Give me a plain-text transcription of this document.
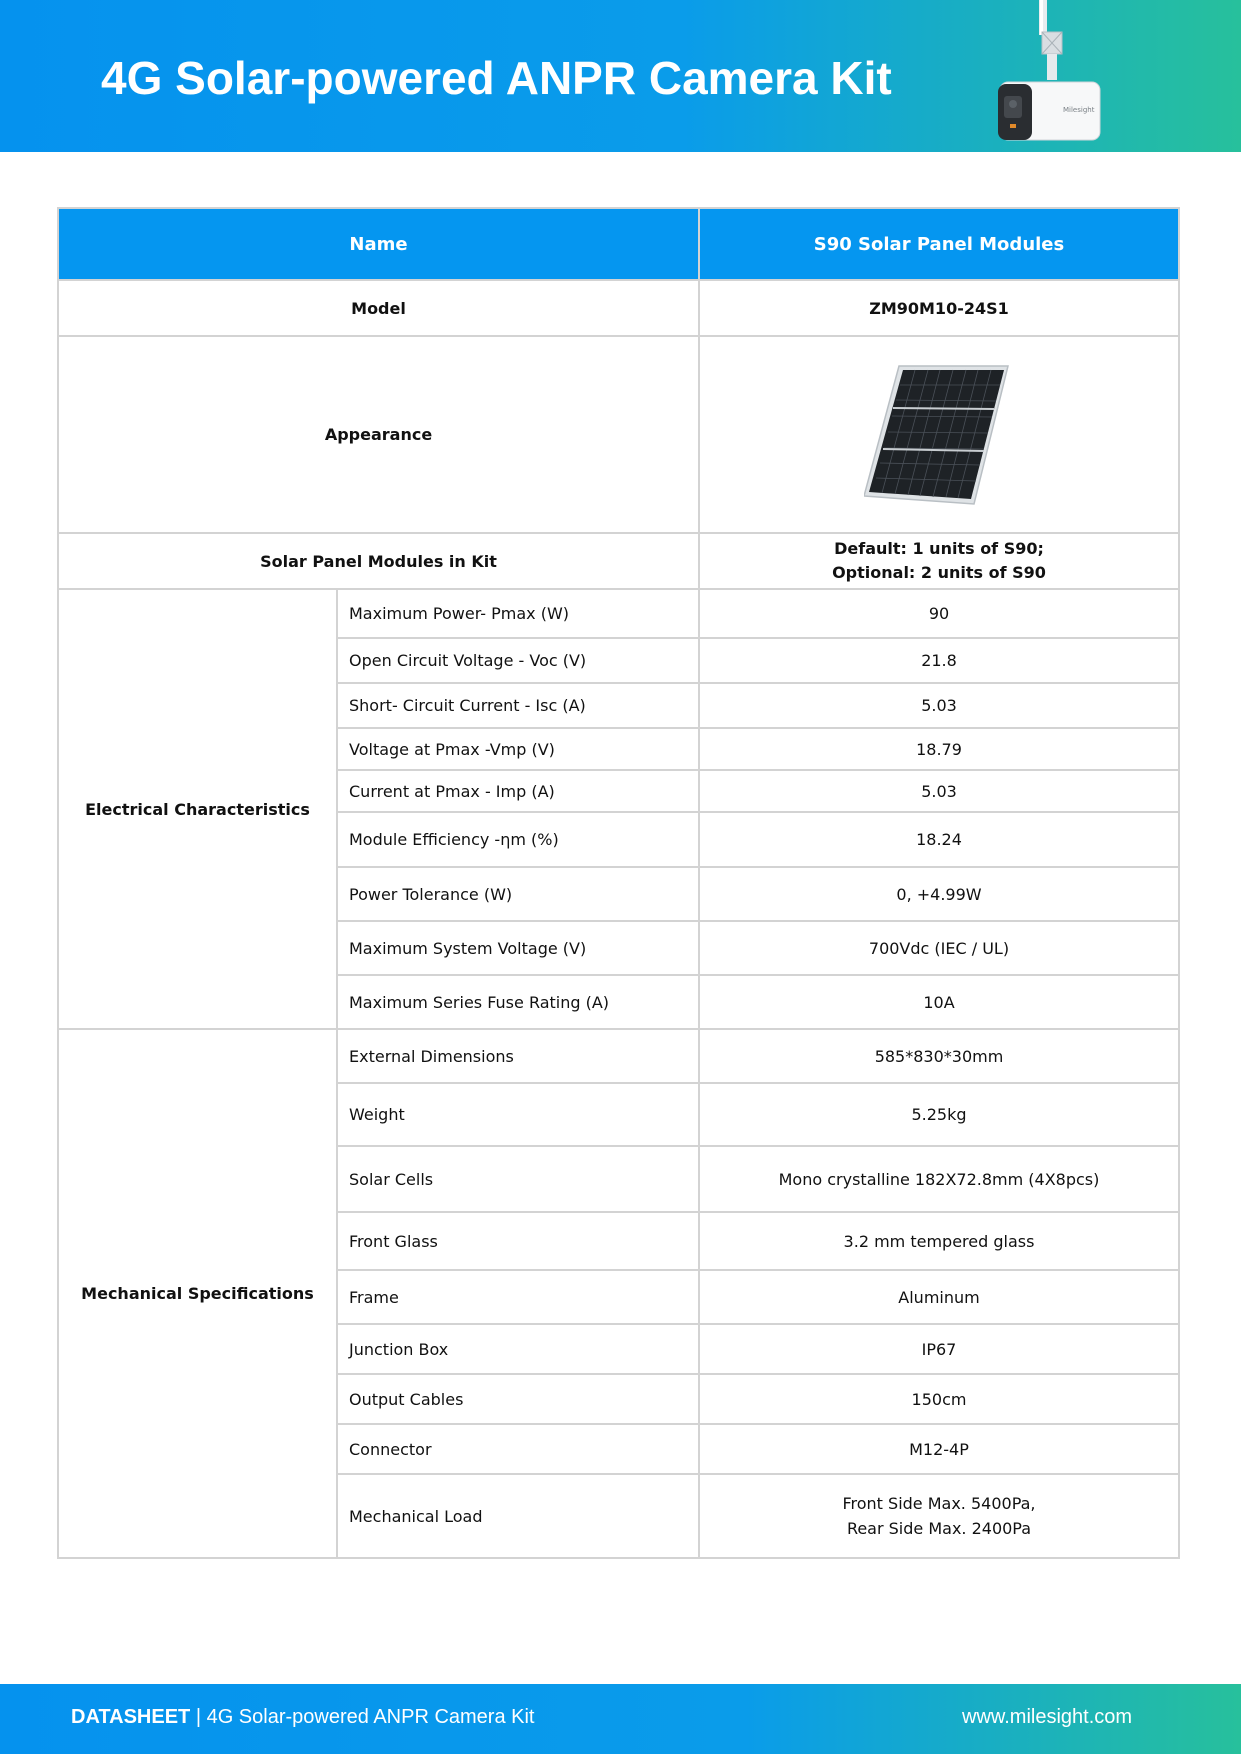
4G Solar-powered ANPR Camera Kit
Milesight
Name		S90 Solar Panel Modules
Model		ZM90M10-24S1
Appearance	

Solar Panel Modules in Kit		Default: 1 units of S90;
Optional: 2 units of S90

Electrical Characteristics	Maximum Power- Pmax (W)	90
	Open Circuit Voltage - Voc (V)	21.8
	Short- Circuit Current - Isc (A)	5.03
	Voltage at Pmax -Vmp (V)	18.79
	Current at Pmax - Imp (A)	5.03
	Module Efficiency -ηm (%)	18.24
	Power Tolerance (W)	0, +4.99W
	Maximum System Voltage (V)	700Vdc (IEC / UL)
	Maximum Series Fuse Rating (A)	10A
Mechanical Specifications	External Dimensions	585*830*30mm
	Weight	5.25kg
	Solar Cells	Mono crystalline 182X72.8mm (4X8pcs)
	Front Glass	3.2 mm tempered glass
	Frame	Aluminum
	Junction Box	IP67
	Output Cables	150cm
	Connector	M12-4P
	Mechanical Load	Front Side Max. 5400Pa,
Rear Side Max. 2400Pa
DATASHEET | 4G Solar-powered ANPR Camera Kit	www.milesight.com
